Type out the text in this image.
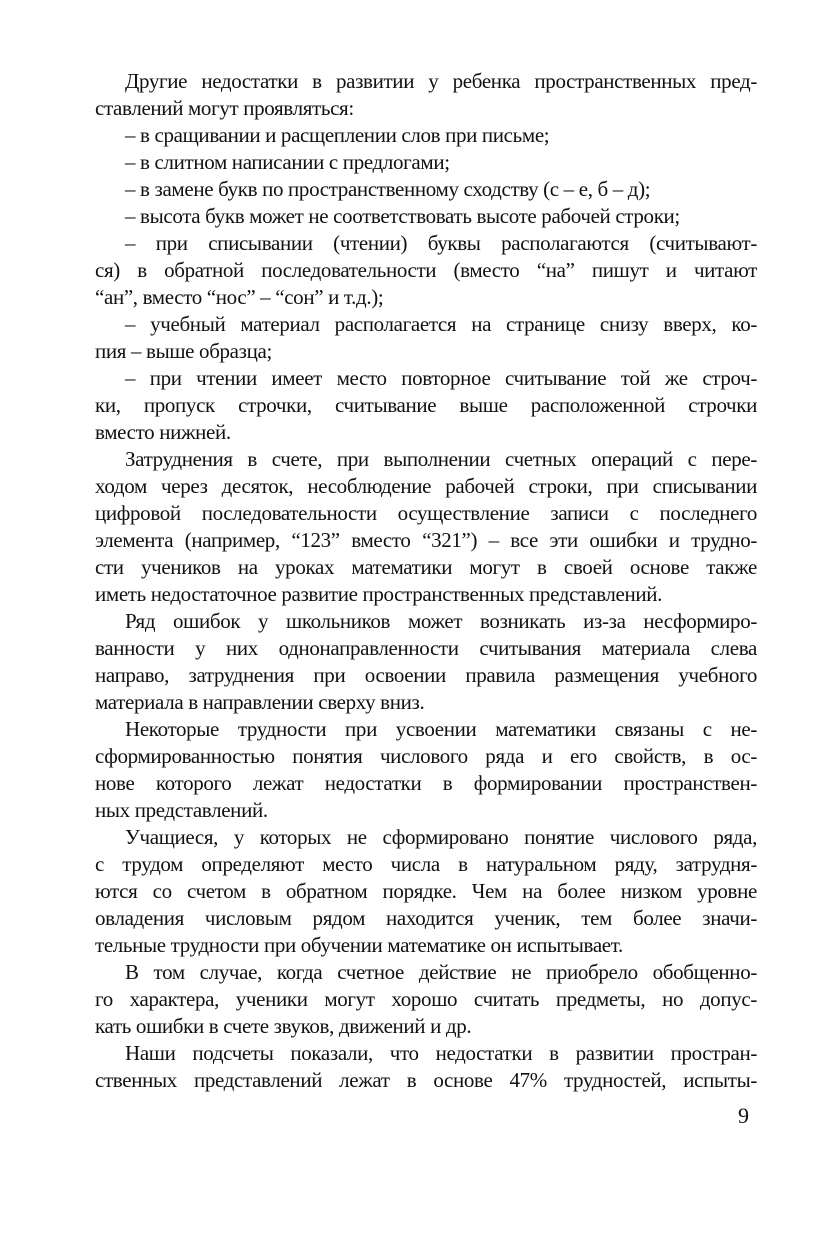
Другие недостатки в развитии у ребенка пространственных пред-
ставлений могут проявляться:
– в сращивании и расщеплении слов при письме;
– в слитном написании с предлогами;
– в замене букв по пространственному сходству (с – е, б – д);
– высота букв может не соответствовать высоте рабочей строки;
– при списывании (чтении) буквы располагаются (считывают-
ся) в обратной последовательности (вместо “на” пишут и читают
“ан”, вместо “нос” – “сон” и т.д.);
– учебный материал располагается на странице снизу вверх, ко-
пия – выше образца;
– при чтении имеет место повторное считывание той же строч-
ки, пропуск строчки, считывание выше расположенной строчки
вместо нижней.
Затруднения в счете, при выполнении счетных операций с пере-
ходом через десяток, несоблюдение рабочей строки, при списывании
цифровой последовательности осуществление записи с последнего
элемента (например, “123” вместо “321”) – все эти ошибки и трудно-
сти учеников на уроках математики могут в своей основе также
иметь недостаточное развитие пространственных представлений.
Ряд ошибок у школьников может возникать из-за несформиро-
ванности у них однонаправленности считывания материала слева
направо, затруднения при освоении правила размещения учебного
материала в направлении сверху вниз.
Некоторые трудности при усвоении математики связаны с не-
сформированностью понятия числового ряда и его свойств, в ос-
нове которого лежат недостатки в формировании пространствен-
ных представлений.
Учащиеся, у которых не сформировано понятие числового ряда,
с трудом определяют место числа в натуральном ряду, затрудня-
ются со счетом в обратном порядке. Чем на более низком уровне
овладения числовым рядом находится ученик, тем более значи-
тельные трудности при обучении математике он испытывает.
В том случае, когда счетное действие не приобрело обобщенно-
го характера, ученики могут хорошо считать предметы, но допус-
кать ошибки в счете звуков, движений и др.
Наши подсчеты показали, что недостатки в развитии простран-
ственных представлений лежат в основе 47% трудностей, испыты-
9
